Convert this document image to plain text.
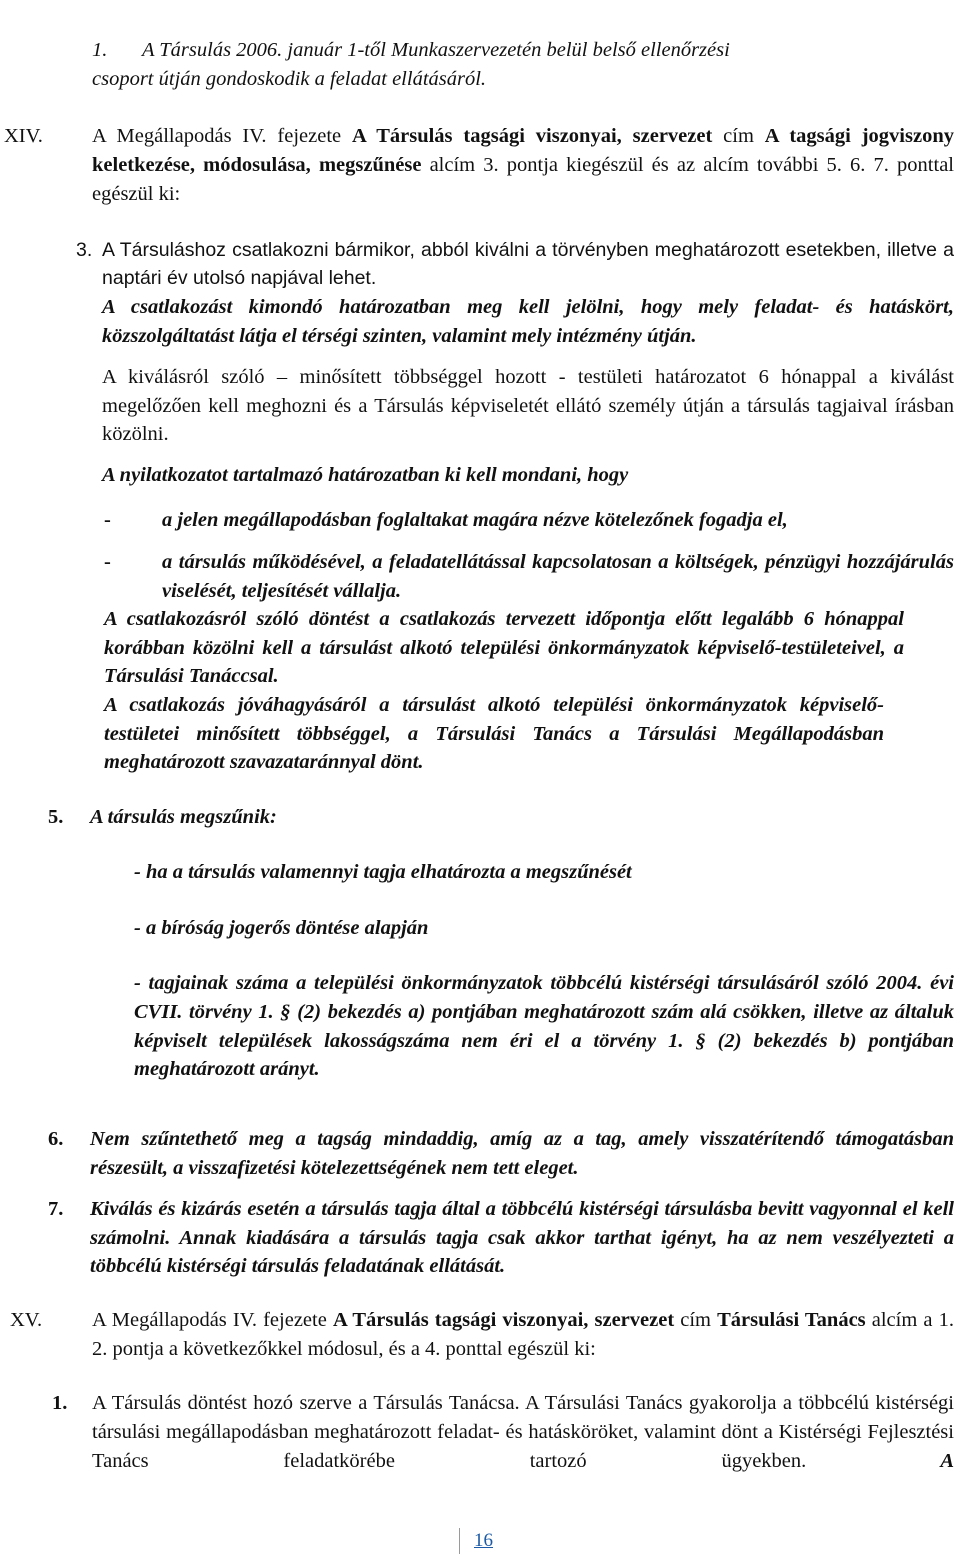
1.	A Társulás 2006. január 1-től Munkaszervezetén belül belső ellenőrzési
csoport útján gondoskodik a feladat ellátásáról.
XIV. A Megállapodás IV. fejezete A Társulás tagsági viszonyai, szervezet cím A tagsági jogviszony keletkezése, módosulása, megszűnése alcím 3. pontja kiegészül és az alcím további 5. 6. 7. ponttal egészül ki:
3. A Társuláshoz csatlakozni bármikor, abból kiválni a törvényben meghatározott esetekben, illetve a naptári év utolsó napjával lehet.
A csatlakozást kimondó határozatban meg kell jelölni, hogy mely feladat- és hatáskört, közszolgáltatást látja el térségi szinten, valamint mely intézmény útján.
A kiválásról szóló – minősített többséggel hozott - testületi határozatot 6 hónappal a kiválást megelőzően kell meghozni és a Társulás képviseletét ellátó személy útján a társulás tagjaival írásban közölni.
A nyilatkozatot tartalmazó határozatban ki kell mondani, hogy
- a jelen megállapodásban foglaltakat magára nézve kötelezőnek fogadja el,
- a társulás működésével, a feladatellátással kapcsolatosan a költségek, pénzügyi hozzájárulás viselését, teljesítését vállalja.
A csatlakozásról szóló döntést a csatlakozás tervezett időpontja előtt legalább 6 hónappal korábban közölni kell a társulást alkotó települési önkormányzatok képviselő-testületeivel, a Társulási Tanáccsal.
A csatlakozás jóváhagyásáról a társulást alkotó települési önkormányzatok képviselő-testületei minősített többséggel, a Társulási Tanács a Társulási Megállapodásban meghatározott szavazataránnyal dönt.
5. A társulás megszűnik:
- ha a társulás valamennyi tagja elhatározta a megszűnését
- a bíróság jogerős döntése alapján
- tagjainak száma a települési önkormányzatok többcélú kistérségi társulásáról szóló 2004. évi CVII. törvény 1. § (2) bekezdés a) pontjában meghatározott szám alá csökken, illetve az általuk képviselt települések lakosságszáma nem éri el a törvény 1. § (2) bekezdés b) pontjában meghatározott arányt.
6. Nem szűntethető meg a tagság mindaddig, amíg az a tag, amely visszatérítendő támogatásban részesült, a visszafizetési kötelezettségének nem tett eleget.
7. Kiválás és kizárás esetén a társulás tagja által a többcélú kistérségi társulásba bevitt vagyonnal el kell számolni. Annak kiadására a társulás tagja csak akkor tarthat igényt, ha az nem veszélyezteti a többcélú kistérségi társulás feladatának ellátását.
XV. A Megállapodás IV. fejezete A Társulás tagsági viszonyai, szervezet cím Társulási Tanács alcím a 1. 2. pontja a következőkkel módosul, és a 4. ponttal egészül ki:
1. A Társulás döntést hozó szerve a Társulás Tanácsa. A Társulási Tanács gyakorolja a többcélú kistérségi társulási megállapodásban meghatározott feladat- és hatásköröket, valamint dönt a Kistérségi Fejlesztési Tanács feladatkörébe tartozó ügyekben. A
16
